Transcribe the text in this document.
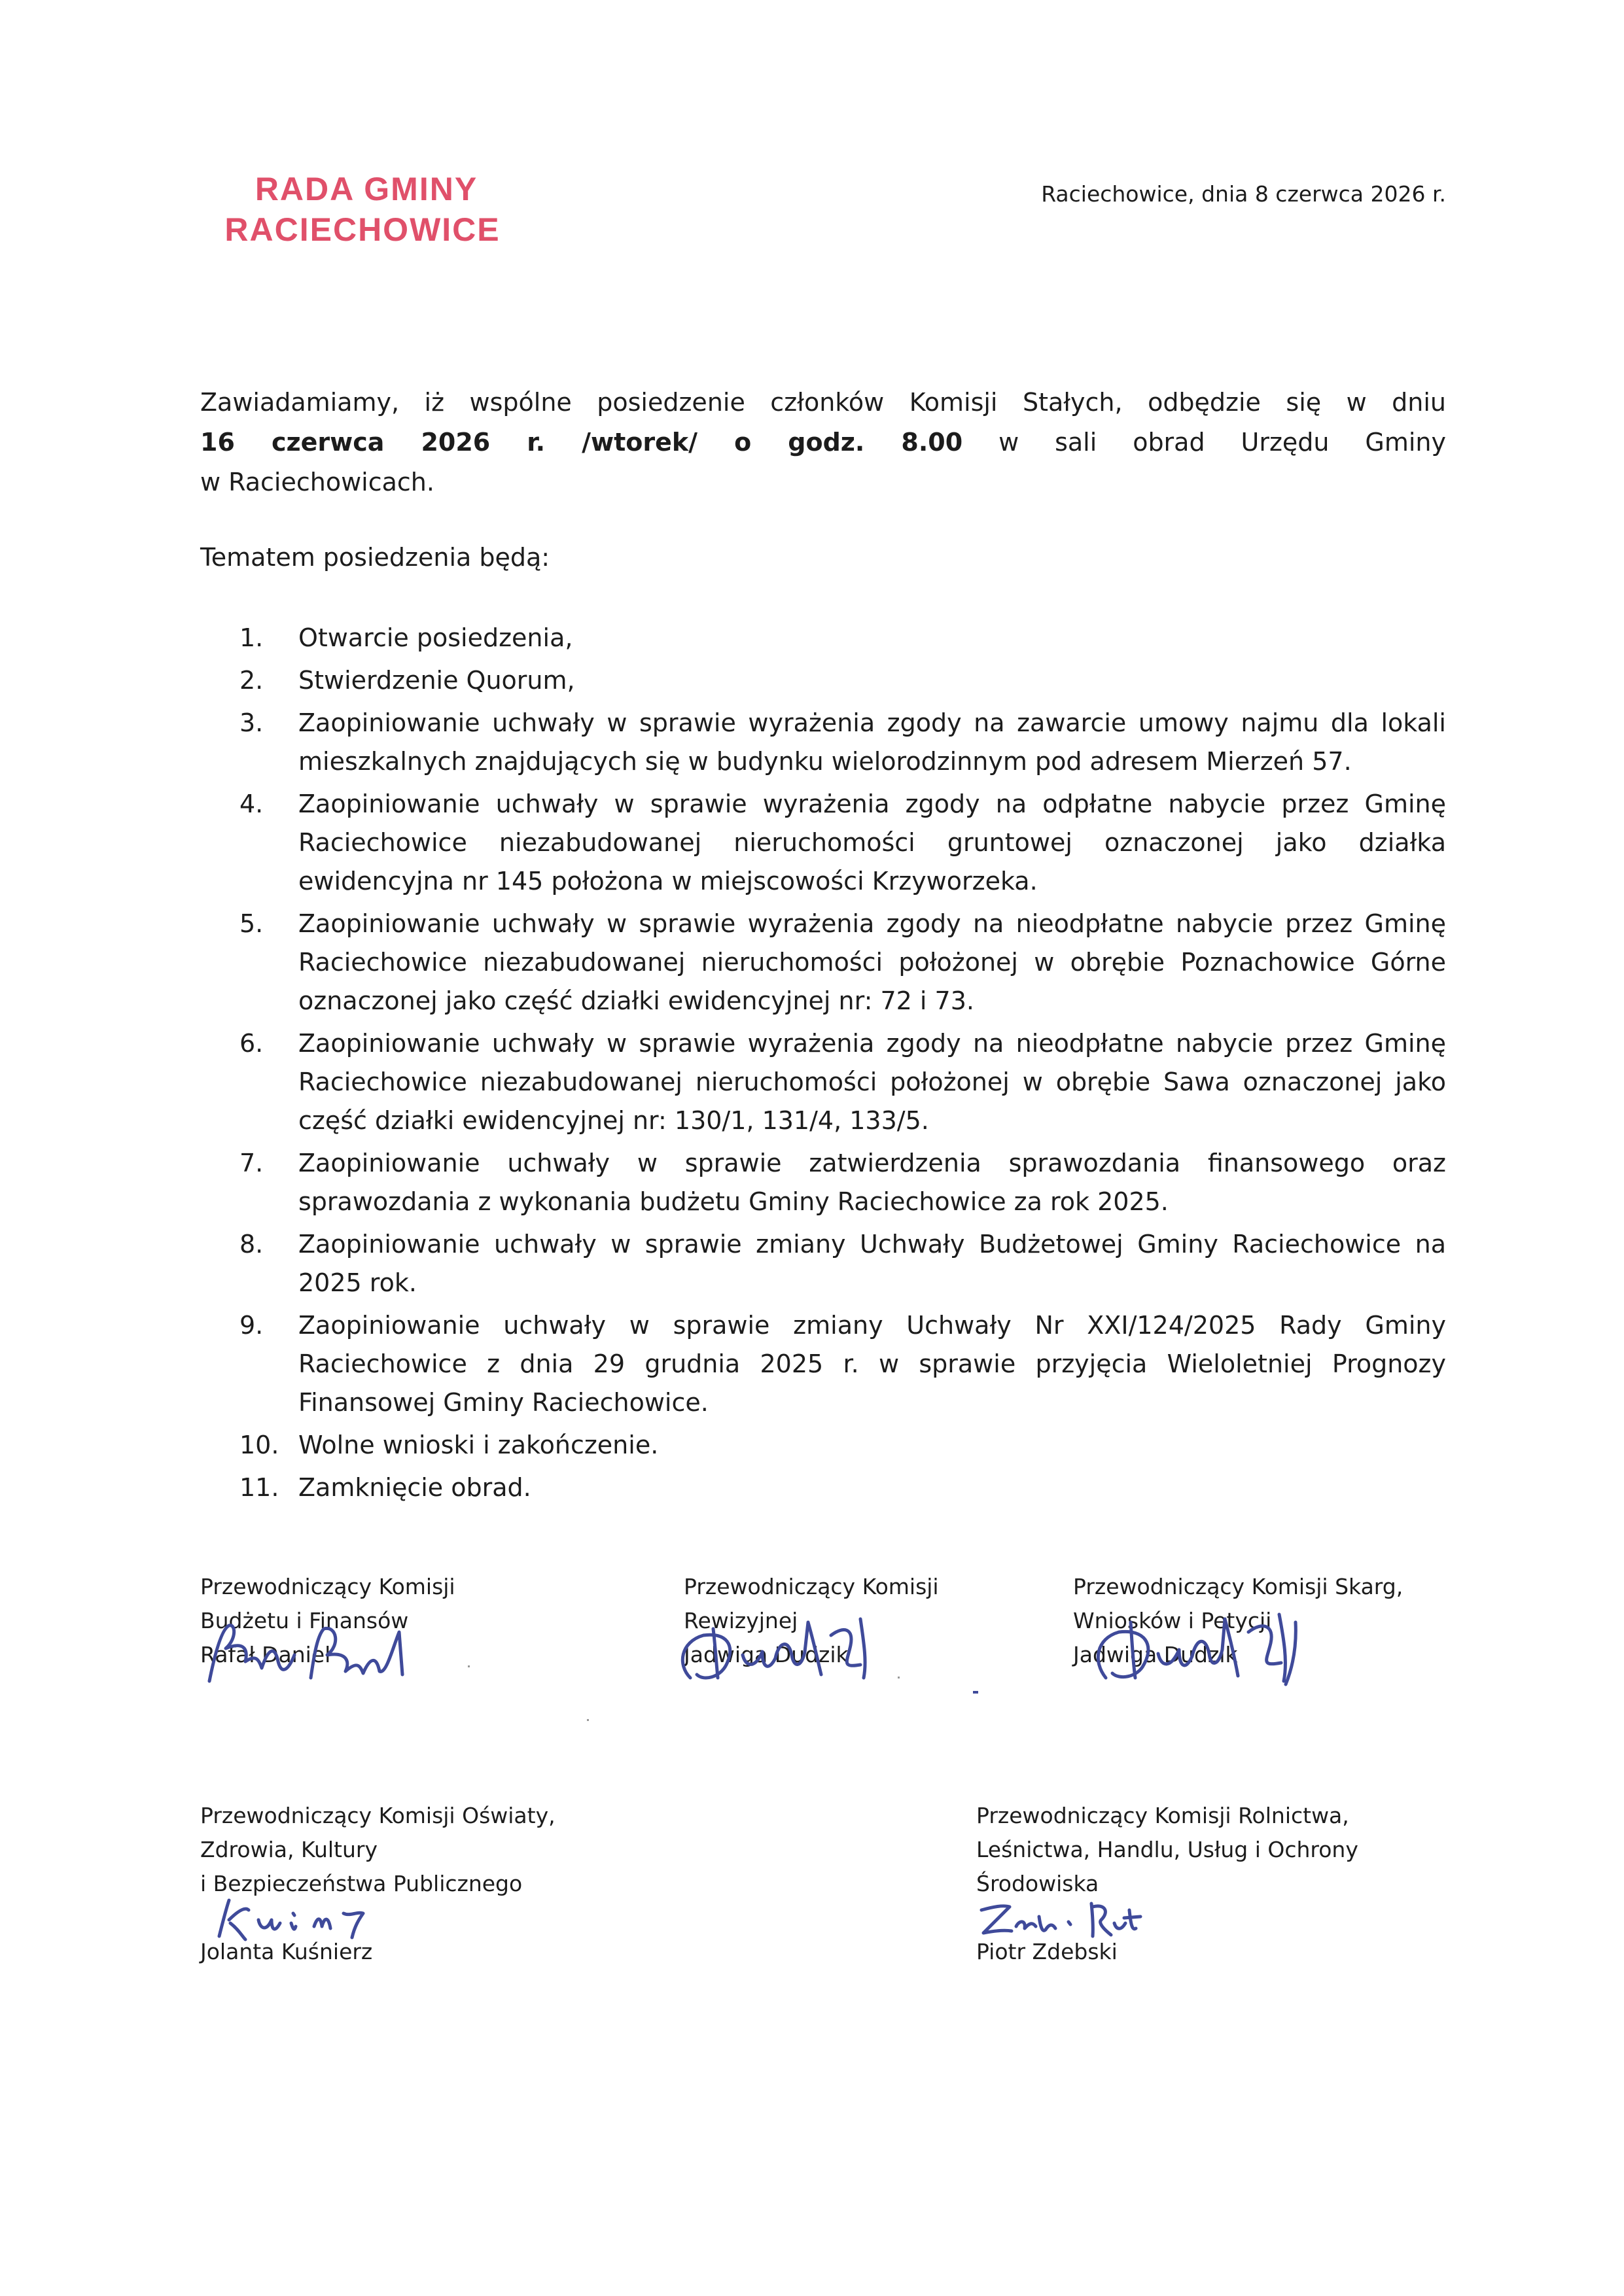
RADA GMINY
RACIECHOWICE
Raciechowice, dnia 8 czerwca 2026 r.

Zawiadamiamy, iż wspólne posiedzenie członków Komisji Stałych, odbędzie się w dniu

16 czerwca 2026 r. /wtorek/ o godz. 8.00 w sali obrad Urzędu Gminy

w Raciechowicach.

Tematem posiedzenia będą:
1.	Otwarcie posiedzenia,
2.	Stwierdzenie Quorum,
3.	Zaopiniowanie uchwały w sprawie wyrażenia zgody na zawarcie umowy najmu dla lokali mieszkalnych znajdujących się w budynku wielorodzinnym pod adresem Mierzeń 57.
4.	Zaopiniowanie uchwały w sprawie wyrażenia zgody na odpłatne nabycie przez Gminę Raciechowice niezabudowanej nieruchomości gruntowej oznaczonej jako działka ewidencyjna nr 145 położona w miejscowości Krzyworzeka.
5.	Zaopiniowanie uchwały w sprawie wyrażenia zgody na nieodpłatne nabycie przez Gminę Raciechowice niezabudowanej nieruchomości położonej w obrębie Poznachowice Górne oznaczonej jako część działki ewidencyjnej nr: 72 i 73.
6.	Zaopiniowanie uchwały w sprawie wyrażenia zgody na nieodpłatne nabycie przez Gminę Raciechowice niezabudowanej nieruchomości położonej w obrębie Sawa oznaczonej jako część działki ewidencyjnej nr: 130/1, 131/4, 133/5.
7.	Zaopiniowanie uchwały w sprawie zatwierdzenia sprawozdania finansowego oraz sprawozdania z wykonania budżetu Gminy Raciechowice za rok 2025.
8.	Zaopiniowanie uchwały w sprawie zmiany Uchwały Budżetowej Gminy Raciechowice na 2025 rok.
9.	Zaopiniowanie uchwały w sprawie zmiany Uchwały Nr XXI/124/2025 Rady Gminy Raciechowice z dnia 29 grudnia 2025 r. w sprawie przyjęcia Wieloletniej Prognozy Finansowej Gminy Raciechowice.
10. Wolne wnioski i zakończenie.
11. Zamknięcie obrad.
Przewodniczący Komisji
Budżetu i Finansów
Rafał Daniel
Przewodniczący Komisji
Rewizyjnej
Jadwiga Dudzik
Przewodniczący Komisji Skarg,
Wniosków i Petycji
Jadwiga Dudzik
Przewodniczący Komisji Oświaty,
Zdrowia, Kultury
i Bezpieczeństwa Publicznego
Jolanta Kuśnierz
Przewodniczący Komisji Rolnictwa,
Leśnictwa, Handlu, Usług i Ochrony
Środowiska
Piotr Zdebski
